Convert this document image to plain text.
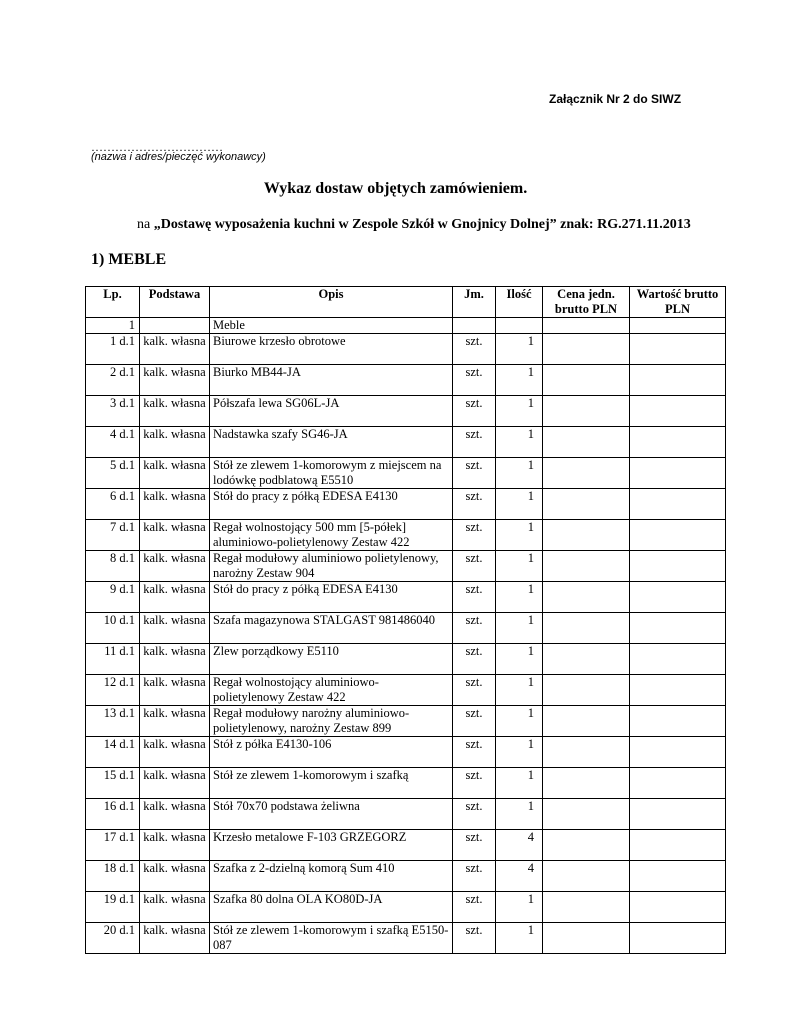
Załącznik Nr 2 do SIWZ
……………………………
(nazwa i adres/pieczęć wykonawcy)
Wykaz dostaw objętych zamówieniem.
na „Dostawę wyposażenia kuchni w Zespole Szkół w Gnojnicy Dolnej” znak: RG.271.11.2013
1) MEBLE
Lp.	Podstawa	Opis	Jm.	Ilość	Cena jedn. brutto PLN	Wartość brutto PLN
1		Meble				
1 d.1	kalk. własna	Biurowe krzesło obrotowe	szt.	1		
2 d.1	kalk. własna	Biurko MB44-JA	szt.	1		
3 d.1	kalk. własna	Półszafa lewa SG06L-JA	szt.	1		
4 d.1	kalk. własna	Nadstawka szafy SG46-JA	szt.	1		
5 d.1	kalk. własna	Stół ze zlewem 1-komorowym z miejscem na lodówkę podblatową E5510	szt.	1		
6 d.1	kalk. własna	Stół do pracy z półką EDESA E4130	szt.	1		
7 d.1	kalk. własna	Regał wolnostojący 500 mm [5-półek] aluminiowo-polietylenowy Zestaw 422	szt.	1		
8 d.1	kalk. własna	Regał modułowy aluminiowo polietylenowy, narożny Zestaw 904	szt.	1		
9 d.1	kalk. własna	Stół do pracy z półką EDESA E4130	szt.	1		
10 d.1	kalk. własna	Szafa magazynowa STALGAST 981486040	szt.	1		
11 d.1	kalk. własna	Zlew porządkowy E5110	szt.	1		
12 d.1	kalk. własna	Regał wolnostojący aluminiowo-polietylenowy Zestaw 422	szt.	1		
13 d.1	kalk. własna	Regał modułowy narożny aluminiowo-polietylenowy, narożny Zestaw 899	szt.	1		
14 d.1	kalk. własna	Stół z półka E4130-106	szt.	1		
15 d.1	kalk. własna	Stół ze zlewem 1-komorowym i szafką	szt.	1		
16 d.1	kalk. własna	Stół 70x70 podstawa żeliwna	szt.	1		
17 d.1	kalk. własna	Krzesło metalowe F-103 GRZEGORZ	szt.	4		
18 d.1	kalk. własna	Szafka z 2-dzielną komorą Sum 410	szt.	4		
19 d.1	kalk. własna	Szafka 80 dolna OLA KO80D-JA	szt.	1		
20 d.1	kalk. własna	Stół ze zlewem 1-komorowym i szafką E5150-087	szt.	1		
